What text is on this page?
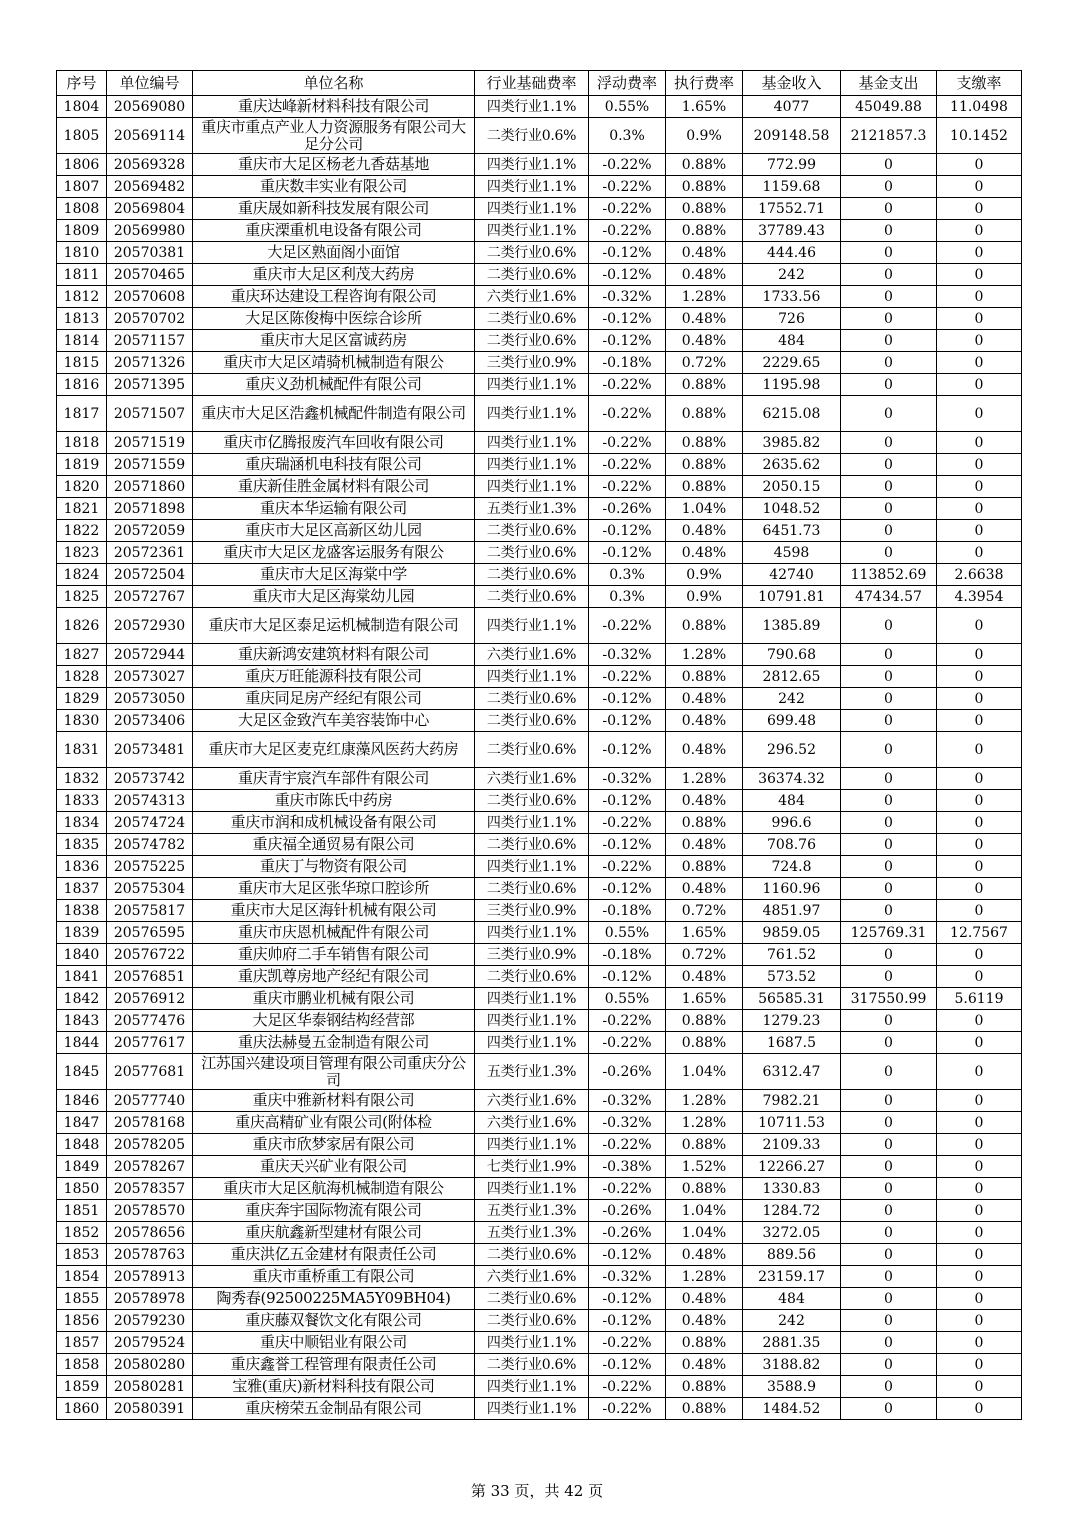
序号	单位编号	单位名称	行业基础费率	浮动费率	执行费率	基金收入	基金支出	支缴率
1804	20569080	重庆达峰新材料科技有限公司	四类行业1.1%	0.55%	1.65%	4077	45049.88	11.0498
1805	20569114	重庆市重点产业人力资源服务有限公司大足分公司	二类行业0.6%	0.3%	0.9%	209148.58	2121857.3	10.1452
1806	20569328	重庆市大足区杨老九香菇基地	四类行业1.1%	-0.22%	0.88%	772.99	0	0
1807	20569482	重庆数丰实业有限公司	四类行业1.1%	-0.22%	0.88%	1159.68	0	0
1808	20569804	重庆晟如新科技发展有限公司	四类行业1.1%	-0.22%	0.88%	17552.71	0	0
1809	20569980	重庆溧重机电设备有限公司	四类行业1.1%	-0.22%	0.88%	37789.43	0	0
1810	20570381	大足区熟面阁小面馆	二类行业0.6%	-0.12%	0.48%	444.46	0	0
1811	20570465	重庆市大足区利茂大药房	二类行业0.6%	-0.12%	0.48%	242	0	0
1812	20570608	重庆环达建设工程咨询有限公司	六类行业1.6%	-0.32%	1.28%	1733.56	0	0
1813	20570702	大足区陈俊梅中医综合诊所	二类行业0.6%	-0.12%	0.48%	726	0	0
1814	20571157	重庆市大足区富诚药房	二类行业0.6%	-0.12%	0.48%	484	0	0
1815	20571326	重庆市大足区靖骑机械制造有限公	三类行业0.9%	-0.18%	0.72%	2229.65	0	0
1816	20571395	重庆义劲机械配件有限公司	四类行业1.1%	-0.22%	0.88%	1195.98	0	0
1817	20571507	重庆市大足区浩鑫机械配件制造有限公司	四类行业1.1%	-0.22%	0.88%	6215.08	0	0
1818	20571519	重庆市亿腾报废汽车回收有限公司	四类行业1.1%	-0.22%	0.88%	3985.82	0	0
1819	20571559	重庆瑞涵机电科技有限公司	四类行业1.1%	-0.22%	0.88%	2635.62	0	0
1820	20571860	重庆新佳胜金属材料有限公司	四类行业1.1%	-0.22%	0.88%	2050.15	0	0
1821	20571898	重庆本华运输有限公司	五类行业1.3%	-0.26%	1.04%	1048.52	0	0
1822	20572059	重庆市大足区高新区幼儿园	二类行业0.6%	-0.12%	0.48%	6451.73	0	0
1823	20572361	重庆市大足区龙盛客运服务有限公	二类行业0.6%	-0.12%	0.48%	4598	0	0
1824	20572504	重庆市大足区海棠中学	二类行业0.6%	0.3%	0.9%	42740	113852.69	2.6638
1825	20572767	重庆市大足区海棠幼儿园	二类行业0.6%	0.3%	0.9%	10791.81	47434.57	4.3954
1826	20572930	重庆市大足区泰足运机械制造有限公司	四类行业1.1%	-0.22%	0.88%	1385.89	0	0
1827	20572944	重庆新鸿安建筑材料有限公司	六类行业1.6%	-0.32%	1.28%	790.68	0	0
1828	20573027	重庆万旺能源科技有限公司	四类行业1.1%	-0.22%	0.88%	2812.65	0	0
1829	20573050	重庆同足房产经纪有限公司	二类行业0.6%	-0.12%	0.48%	242	0	0
1830	20573406	大足区金致汽车美容装饰中心	二类行业0.6%	-0.12%	0.48%	699.48	0	0
1831	20573481	重庆市大足区麦克红康藻风医药大药房	二类行业0.6%	-0.12%	0.48%	296.52	0	0
1832	20573742	重庆青宇宸汽车部件有限公司	六类行业1.6%	-0.32%	1.28%	36374.32	0	0
1833	20574313	重庆市陈氏中药房	二类行业0.6%	-0.12%	0.48%	484	0	0
1834	20574724	重庆市润和成机械设备有限公司	四类行业1.1%	-0.22%	0.88%	996.6	0	0
1835	20574782	重庆福全通贸易有限公司	二类行业0.6%	-0.12%	0.48%	708.76	0	0
1836	20575225	重庆丁与物资有限公司	四类行业1.1%	-0.22%	0.88%	724.8	0	0
1837	20575304	重庆市大足区张华琼口腔诊所	二类行业0.6%	-0.12%	0.48%	1160.96	0	0
1838	20575817	重庆市大足区海针机械有限公司	三类行业0.9%	-0.18%	0.72%	4851.97	0	0
1839	20576595	重庆市庆恩机械配件有限公司	四类行业1.1%	0.55%	1.65%	9859.05	125769.31	12.7567
1840	20576722	重庆帅府二手车销售有限公司	三类行业0.9%	-0.18%	0.72%	761.52	0	0
1841	20576851	重庆凯尊房地产经纪有限公司	二类行业0.6%	-0.12%	0.48%	573.52	0	0
1842	20576912	重庆市鹏业机械有限公司	四类行业1.1%	0.55%	1.65%	56585.31	317550.99	5.6119
1843	20577476	大足区华泰钢结构经营部	四类行业1.1%	-0.22%	0.88%	1279.23	0	0
1844	20577617	重庆法赫曼五金制造有限公司	四类行业1.1%	-0.22%	0.88%	1687.5	0	0
1845	20577681	江苏国兴建设项目管理有限公司重庆分公司	五类行业1.3%	-0.26%	1.04%	6312.47	0	0
1846	20577740	重庆中雅新材料有限公司	六类行业1.6%	-0.32%	1.28%	7982.21	0	0
1847	20578168	重庆高精矿业有限公司(附体检	六类行业1.6%	-0.32%	1.28%	10711.53	0	0
1848	20578205	重庆市欣梦家居有限公司	四类行业1.1%	-0.22%	0.88%	2109.33	0	0
1849	20578267	重庆天兴矿业有限公司	七类行业1.9%	-0.38%	1.52%	12266.27	0	0
1850	20578357	重庆市大足区航海机械制造有限公	四类行业1.1%	-0.22%	0.88%	1330.83	0	0
1851	20578570	重庆奔宇国际物流有限公司	五类行业1.3%	-0.26%	1.04%	1284.72	0	0
1852	20578656	重庆航鑫新型建材有限公司	五类行业1.3%	-0.26%	1.04%	3272.05	0	0
1853	20578763	重庆洪亿五金建材有限责任公司	二类行业0.6%	-0.12%	0.48%	889.56	0	0
1854	20578913	重庆市重桥重工有限公司	六类行业1.6%	-0.32%	1.28%	23159.17	0	0
1855	20578978	陶秀春(92500225MA5Y09BH04)	二类行业0.6%	-0.12%	0.48%	484	0	0
1856	20579230	重庆藤双餐饮文化有限公司	二类行业0.6%	-0.12%	0.48%	242	0	0
1857	20579524	重庆中顺铝业有限公司	四类行业1.1%	-0.22%	0.88%	2881.35	0	0
1858	20580280	重庆鑫誉工程管理有限责任公司	二类行业0.6%	-0.12%	0.48%	3188.82	0	0
1859	20580281	宝雅(重庆)新材料科技有限公司	四类行业1.1%	-0.22%	0.88%	3588.9	0	0
1860	20580391	重庆榜荣五金制品有限公司	四类行业1.1%	-0.22%	0.88%	1484.52	0	0
第 33 页，共 42 页
